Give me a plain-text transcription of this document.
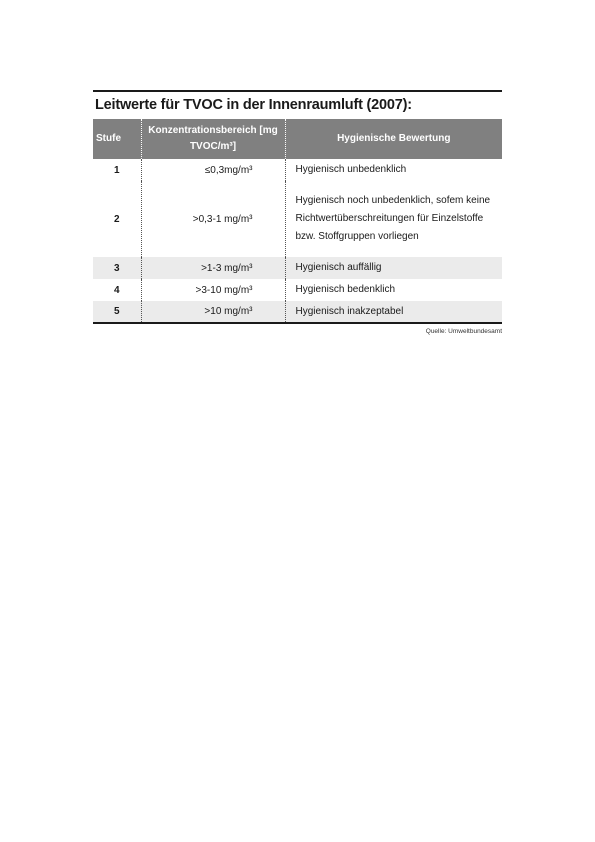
Leitwerte für TVOC in der Innenraumluft (2007):
Stufe	Konzentrationsbereich [mg TVOC/m³]	Hygienische Bewertung
1	≤0,3mg/m³	Hygienisch unbedenklich
2	>0,3-1 mg/m³	Hygienisch noch unbedenklich, sofem keine Richtwertüberschreitungen für Einzelstoffe bzw. Stoffgruppen vorliegen
3	>1-3 mg/m³	Hygienisch auffällig
4	>3-10 mg/m³	Hygienisch bedenklich
5	>10 mg/m³	Hygienisch inakzeptabel
Quelle: Umweltbundesamt
